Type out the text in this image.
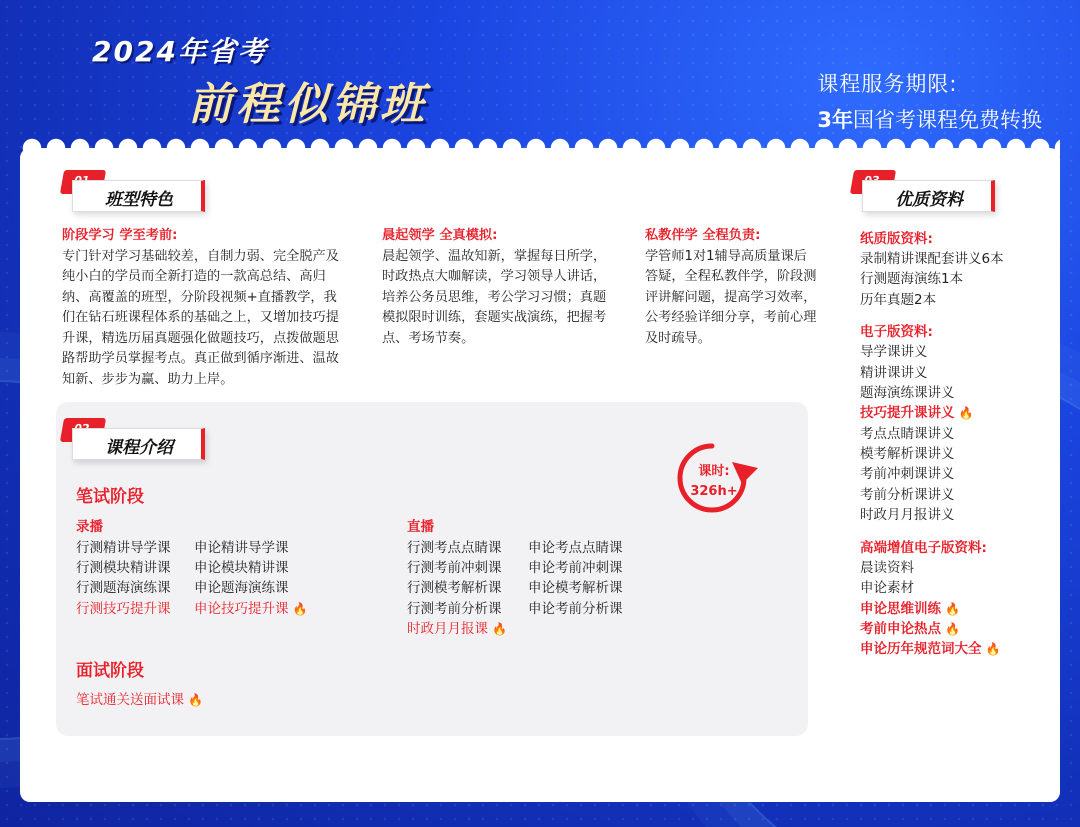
2024年省考
前程似锦班	课程服务期限:
3年国省考课程免费转换
班型特色
阶段学习 学至考前:
专门针对学习基础较差，自制力弱、完全脱产及纯小白的学员而全新打造的一款高总结、高归纳、高覆盖的班型，分阶段视频+直播教学，我们在钻石班课程体系的基础之上，又增加技巧提升课，精选历届真题强化做题技巧，点拨做题思路帮助学员掌握考点。真正做到循序渐进、温故知新、步步为赢、助力上岸。
晨起领学 全真模拟:
晨起领学、温故知新，掌握每日所学，时政热点大咖解读，学习领导人讲话，培养公务员思维，考公学习习惯；真题模拟限时训练，套题实战演练，把握考点、考场节奏。
私教伴学 全程负责:
学管师1对1辅导高质量课后答疑，全程私教伴学，阶段测评讲解问题，提高学习效率，公考经验详细分享，考前心理及时疏导。
课程介绍
课时:
326h+
笔试阶段
录播	直播
行测精讲导学课
行测模块精讲课
行测题海演练课
行测技巧提升课
申论精讲导学课
申论模块精讲课
申论题海演练课
申论技巧提升课 🔥
行测考点点睛课
行测考前冲刺课
行测模考解析课
行测考前分析课
时政月月报课 🔥
申论考点点睛课
申论考前冲刺课
申论模考解析课
申论考前分析课
面试阶段
笔试通关送面试课 🔥
优质资料
纸质版资料:
录制精讲课配套讲义6本
行测题海演练1本
历年真题2本
电子版资料:
导学课讲义
精讲课讲义
题海演练课讲义
技巧提升课讲义 🔥
考点点睛课讲义
模考解析课讲义
考前冲刺课讲义
考前分析课讲义
时政月月报讲义
高端增值电子版资料:
晨读资料
申论素材
申论思维训练 🔥
考前申论热点 🔥
申论历年规范词大全 🔥
